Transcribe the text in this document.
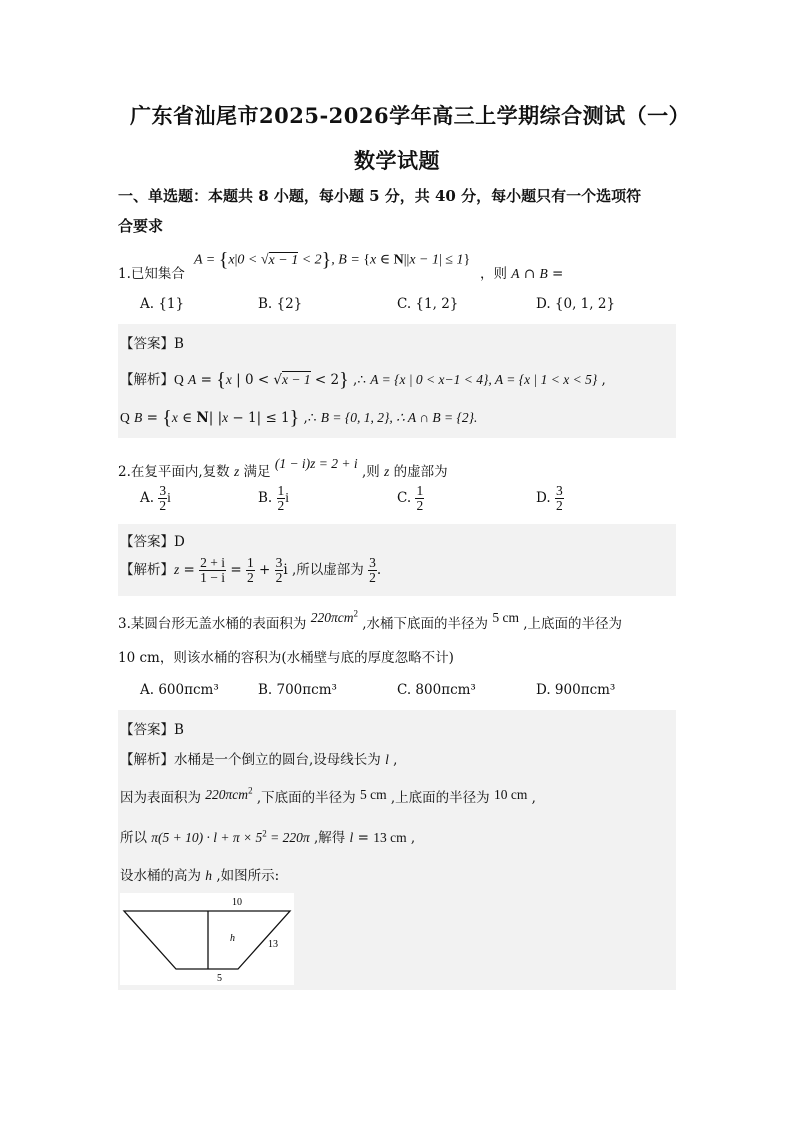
广东省汕尾市2025-2026学年高三上学期综合测试（一）
数学试题
一、单选题：本题共 8 小题，每小题 5 分，共 40 分，每小题只有一个选项符
合要求
1.已知集合
A = {x|0 < √x − 1 < 2}, B = {x ∈ N||x − 1| ≤ 1}
，则 A ∩ B =
A. {1}	B. {2}	C. {1, 2}	D. {0, 1, 2}
【答案】B
【解析】Q A = {x | 0 < √x − 1 < 2} ,∴ A = {x | 0 < x−1 < 4}, A = {x | 1 < x < 5} ,
Q B = {x ∈ N| |x − 1| ≤ 1} ,∴ B = {0, 1, 2}, ∴ A ∩ B = {2}.
2.在复平面内,复数 z 满足 (1 − i)z = 2 + i ,则 z 的虚部为
A. $\frac{3}{2}$ i	B. $\frac{1}{2}$ i	C. $\frac{1}{2}$	D. $\frac{3}{2}$
【答案】D
【解析】$z = \frac{2 + i}{1 - i} = \frac{1}{2} + \frac{3}{2}$ i ,所以虚部为 $\frac{3}{2}$ .
3.某圆台形无盖水桶的表面积为 220πcm$^2$ ,水桶下底面的半径为 5 cm ,上底面的半径为
10 cm，则该水桶的容积为(水桶壁与底的厚度忽略不计)
A. 600πcm³	B. 700πcm³	C. 800πcm³	D. 900πcm³
【答案】B
【解析】水桶是一个倒立的圆台,设母线长为 l ,
因为表面积为 220πcm$^2$ ,下底面的半径为 5 cm ,上底面的半径为 10 cm ,
所以 $\pi(5 + 10) \cdot l + \pi \times 5^2 = 220\pi$ ,解得 l = 13 cm ,
设水桶的高为 h ,如图所示:
10
h
13
5
